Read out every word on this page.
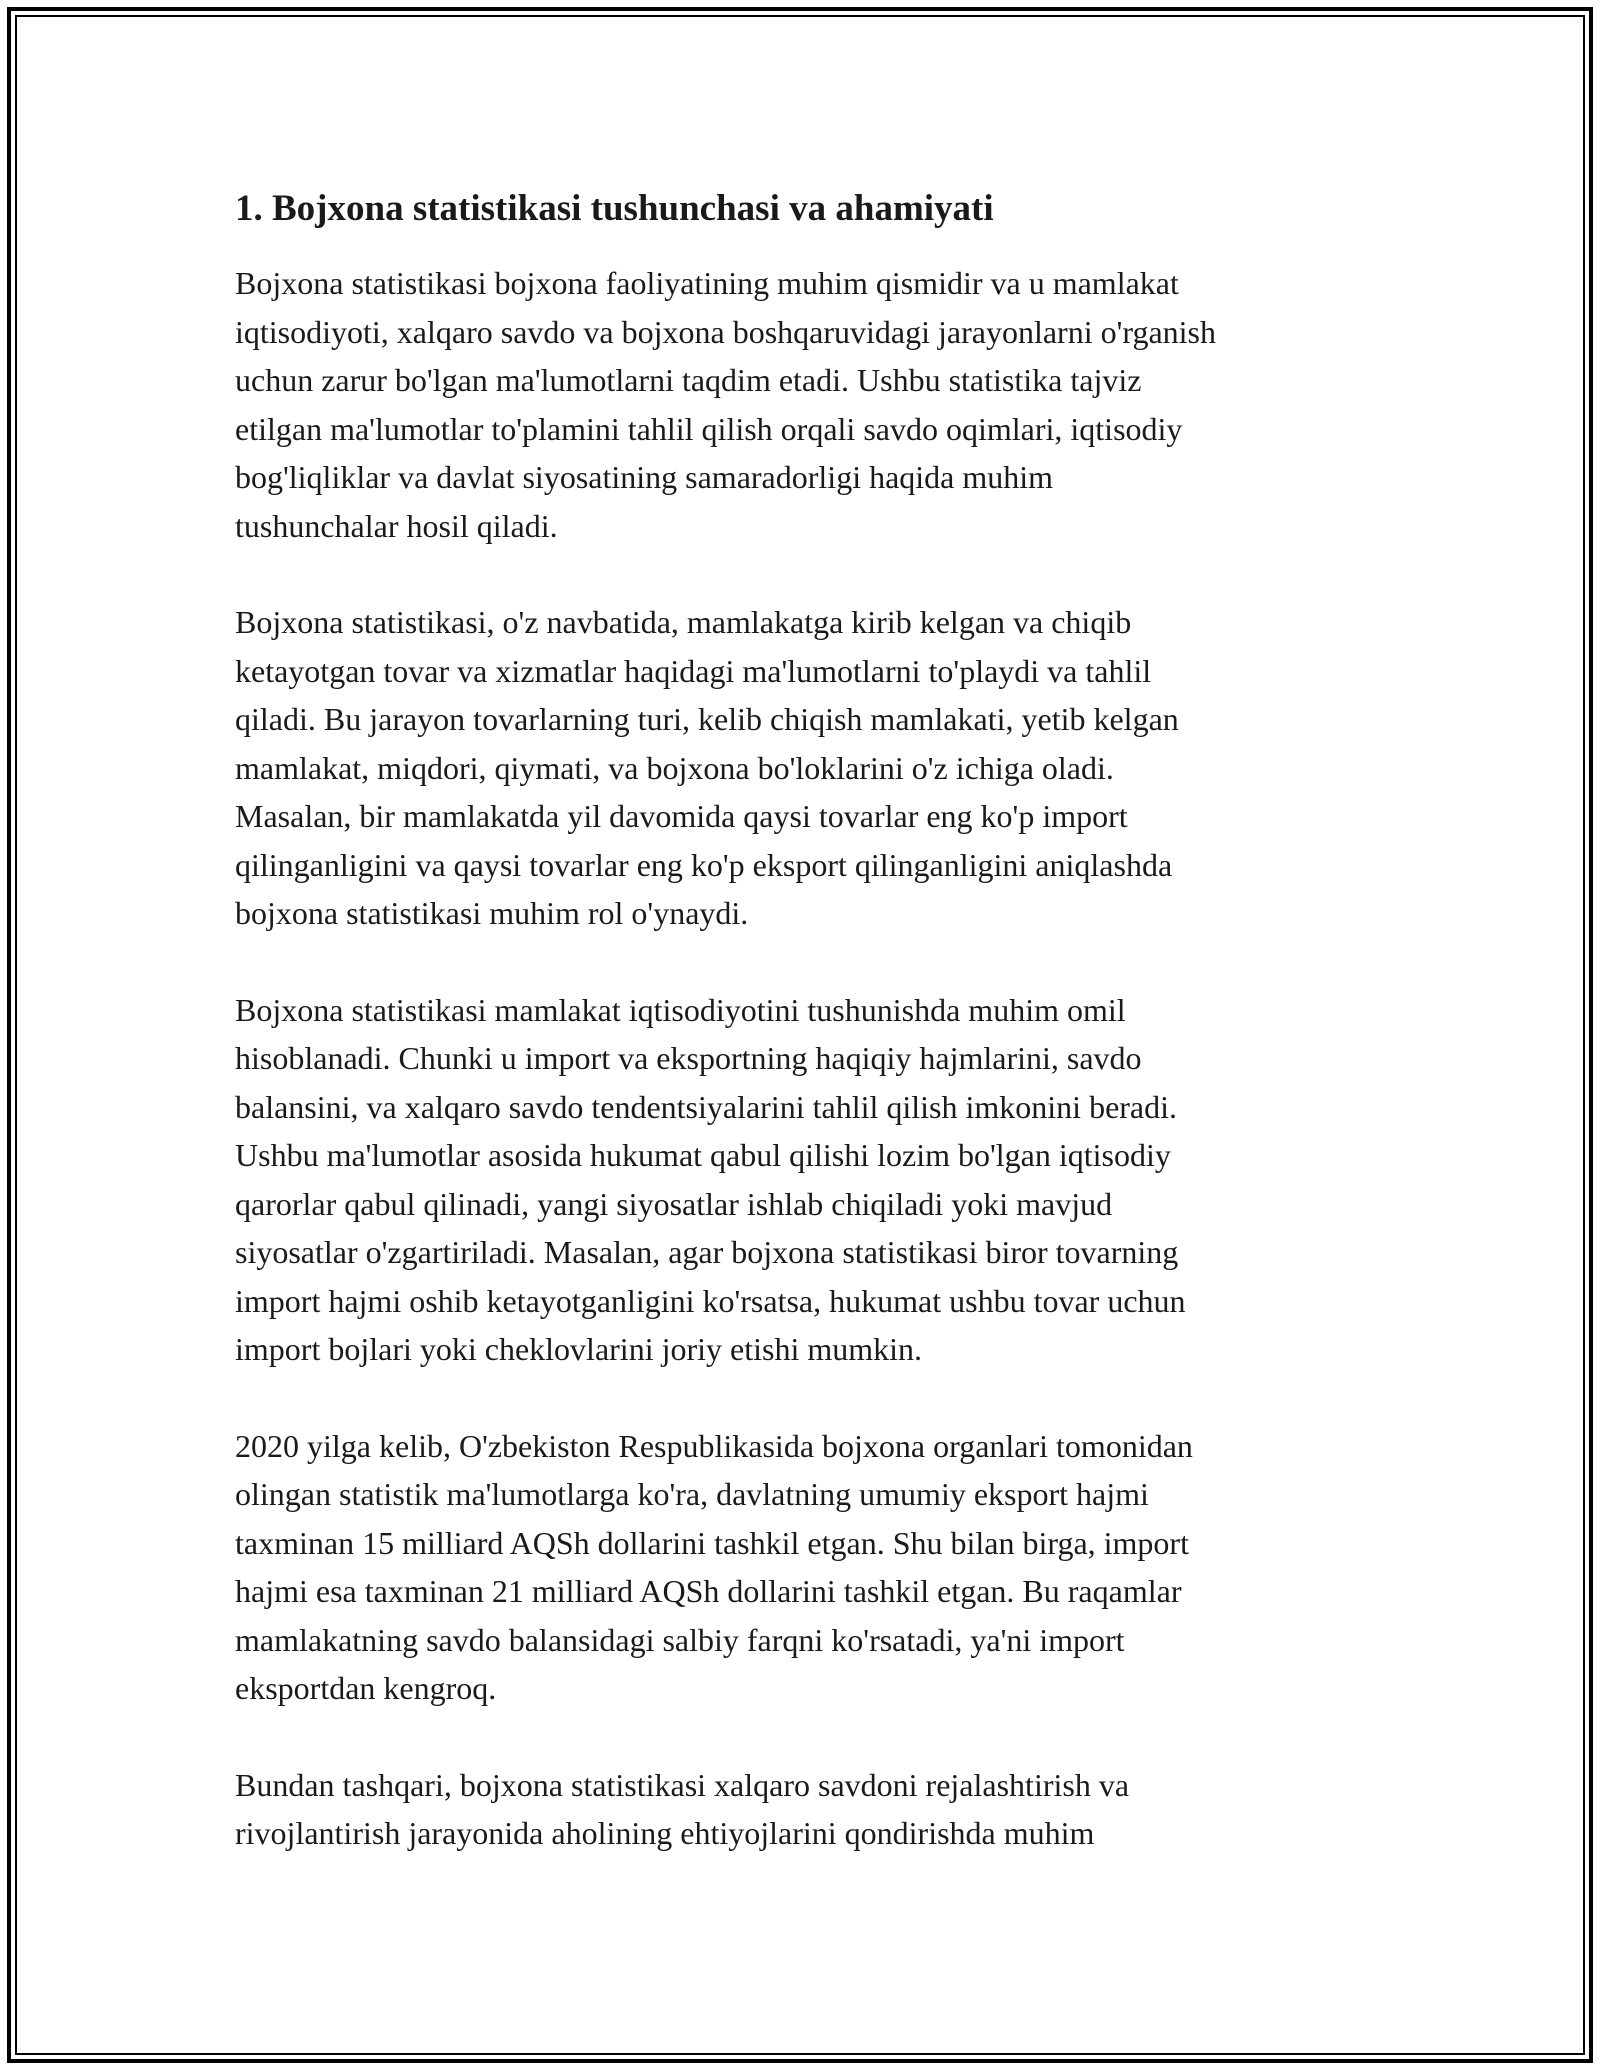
1. Bojxona statistikasi tushunchasi va ahamiyati

Bojxona statistikasi bojxona faoliyatining muhim qismidir va u mamlakat
iqtisodiyoti, xalqaro savdo va bojxona boshqaruvidagi jarayonlarni o'rganish
uchun zarur bo'lgan ma'lumotlarni taqdim etadi. Ushbu statistika tajviz
etilgan ma'lumotlar to'plamini tahlil qilish orqali savdo oqimlari, iqtisodiy
bog'liqliklar va davlat siyosatining samaradorligi haqida muhim
tushunchalar hosil qiladi.

Bojxona statistikasi, o'z navbatida, mamlakatga kirib kelgan va chiqib
ketayotgan tovar va xizmatlar haqidagi ma'lumotlarni to'playdi va tahlil
qiladi. Bu jarayon tovarlarning turi, kelib chiqish mamlakati, yetib kelgan
mamlakat, miqdori, qiymati, va bojxona bo'loklarini o'z ichiga oladi.
Masalan, bir mamlakatda yil davomida qaysi tovarlar eng ko'p import
qilinganligini va qaysi tovarlar eng ko'p eksport qilinganligini aniqlashda
bojxona statistikasi muhim rol o'ynaydi.

Bojxona statistikasi mamlakat iqtisodiyotini tushunishda muhim omil
hisoblanadi. Chunki u import va eksportning haqiqiy hajmlarini, savdo
balansini, va xalqaro savdo tendentsiyalarini tahlil qilish imkonini beradi.
Ushbu ma'lumotlar asosida hukumat qabul qilishi lozim bo'lgan iqtisodiy
qarorlar qabul qilinadi, yangi siyosatlar ishlab chiqiladi yoki mavjud
siyosatlar o'zgartiriladi. Masalan, agar bojxona statistikasi biror tovarning
import hajmi oshib ketayotganligini ko'rsatsa, hukumat ushbu tovar uchun
import bojlari yoki cheklovlarini joriy etishi mumkin.

2020 yilga kelib, O'zbekiston Respublikasida bojxona organlari tomonidan
olingan statistik ma'lumotlarga ko'ra, davlatning umumiy eksport hajmi
taxminan 15 milliard AQSh dollarini tashkil etgan. Shu bilan birga, import
hajmi esa taxminan 21 milliard AQSh dollarini tashkil etgan. Bu raqamlar
mamlakatning savdo balansidagi salbiy farqni ko'rsatadi, ya'ni import
eksportdan kengroq.

Bundan tashqari, bojxona statistikasi xalqaro savdoni rejalashtirish va
rivojlantirish jarayonida aholining ehtiyojlarini qondirishda muhim
